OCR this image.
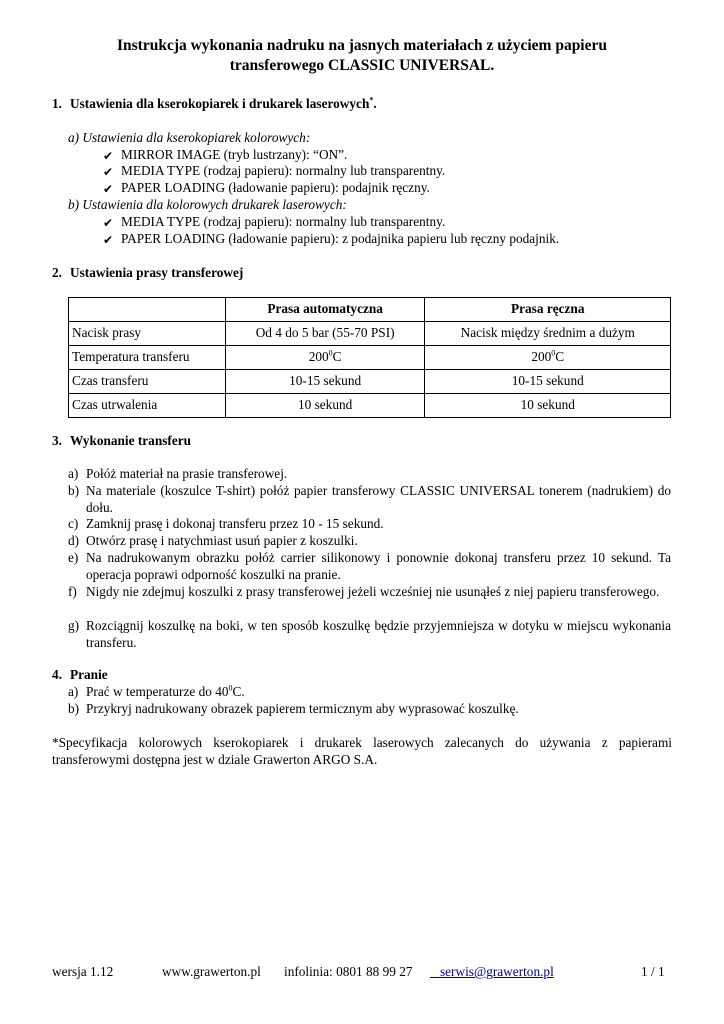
Instrukcja wykonania nadruku na jasnych materiałach z użyciem papieru
transferowego CLASSIC UNIVERSAL.
1. Ustawienia dla kserokopiarek i drukarek laserowych*.
a) Ustawienia dla kserokopiarek kolorowych:
✔ MIRROR IMAGE (tryb lustrzany): “ON”.
✔ MEDIA TYPE (rodzaj papieru): normalny lub transparentny.
✔ PAPER LOADING (ładowanie papieru): podajnik ręczny.
b) Ustawienia dla kolorowych drukarek laserowych:
✔ MEDIA TYPE (rodzaj papieru): normalny lub transparentny.
✔ PAPER LOADING (ładowanie papieru): z podajnika papieru lub ręczny podajnik.
2. Ustawienia prasy transferowej
	Prasa automatyczna	Prasa ręczna
Nacisk prasy	Od 4 do 5 bar (55-70 PSI)	Nacisk między średnim a dużym
Temperatura transferu	$200^0C$	$200^0C$
Czas transferu	10-15 sekund	10-15 sekund
Czas utrwalenia	10 sekund	10 sekund
3. Wykonanie transferu
a) Połóż materiał na prasie transferowej.
b) Na materiale (koszulce T-shirt) połóż papier transferowy CLASSIC UNIVERSAL tonerem (nadrukiem) do dołu.
c) Zamknij prasę i dokonaj transferu przez 10 - 15 sekund.
d) Otwórz prasę i natychmiast usuń papier z koszulki.
e) Na nadrukowanym obrazku połóż carrier silikonowy i ponownie dokonaj transferu przez 10 sekund. Ta operacja poprawi odporność koszulki na pranie.
f) Nigdy nie zdejmuj koszulki z prasy transferowej jeżeli wcześniej nie usunąłeś z niej papieru transferowego.
g) Rozciągnij koszulkę na boki, w ten sposób koszulkę będzie przyjemniejsza w dotyku w miejscu wykonania transferu.
4. Pranie
a) Prać w temperaturze do $40^0C$.
b) Przykryj nadrukowany obrazek papierem termicznym aby wyprasować koszulkę.
*Specyfikacja kolorowych kserokopiarek i drukarek laserowych zalecanych do używania z papierami transferowymi dostępna jest w dziale Grawerton ARGO S.A.
wersja 1.12	www.grawerton.pl infolinia: 0801 88 99 27	serwis@grawerton.pl	1 / 1
